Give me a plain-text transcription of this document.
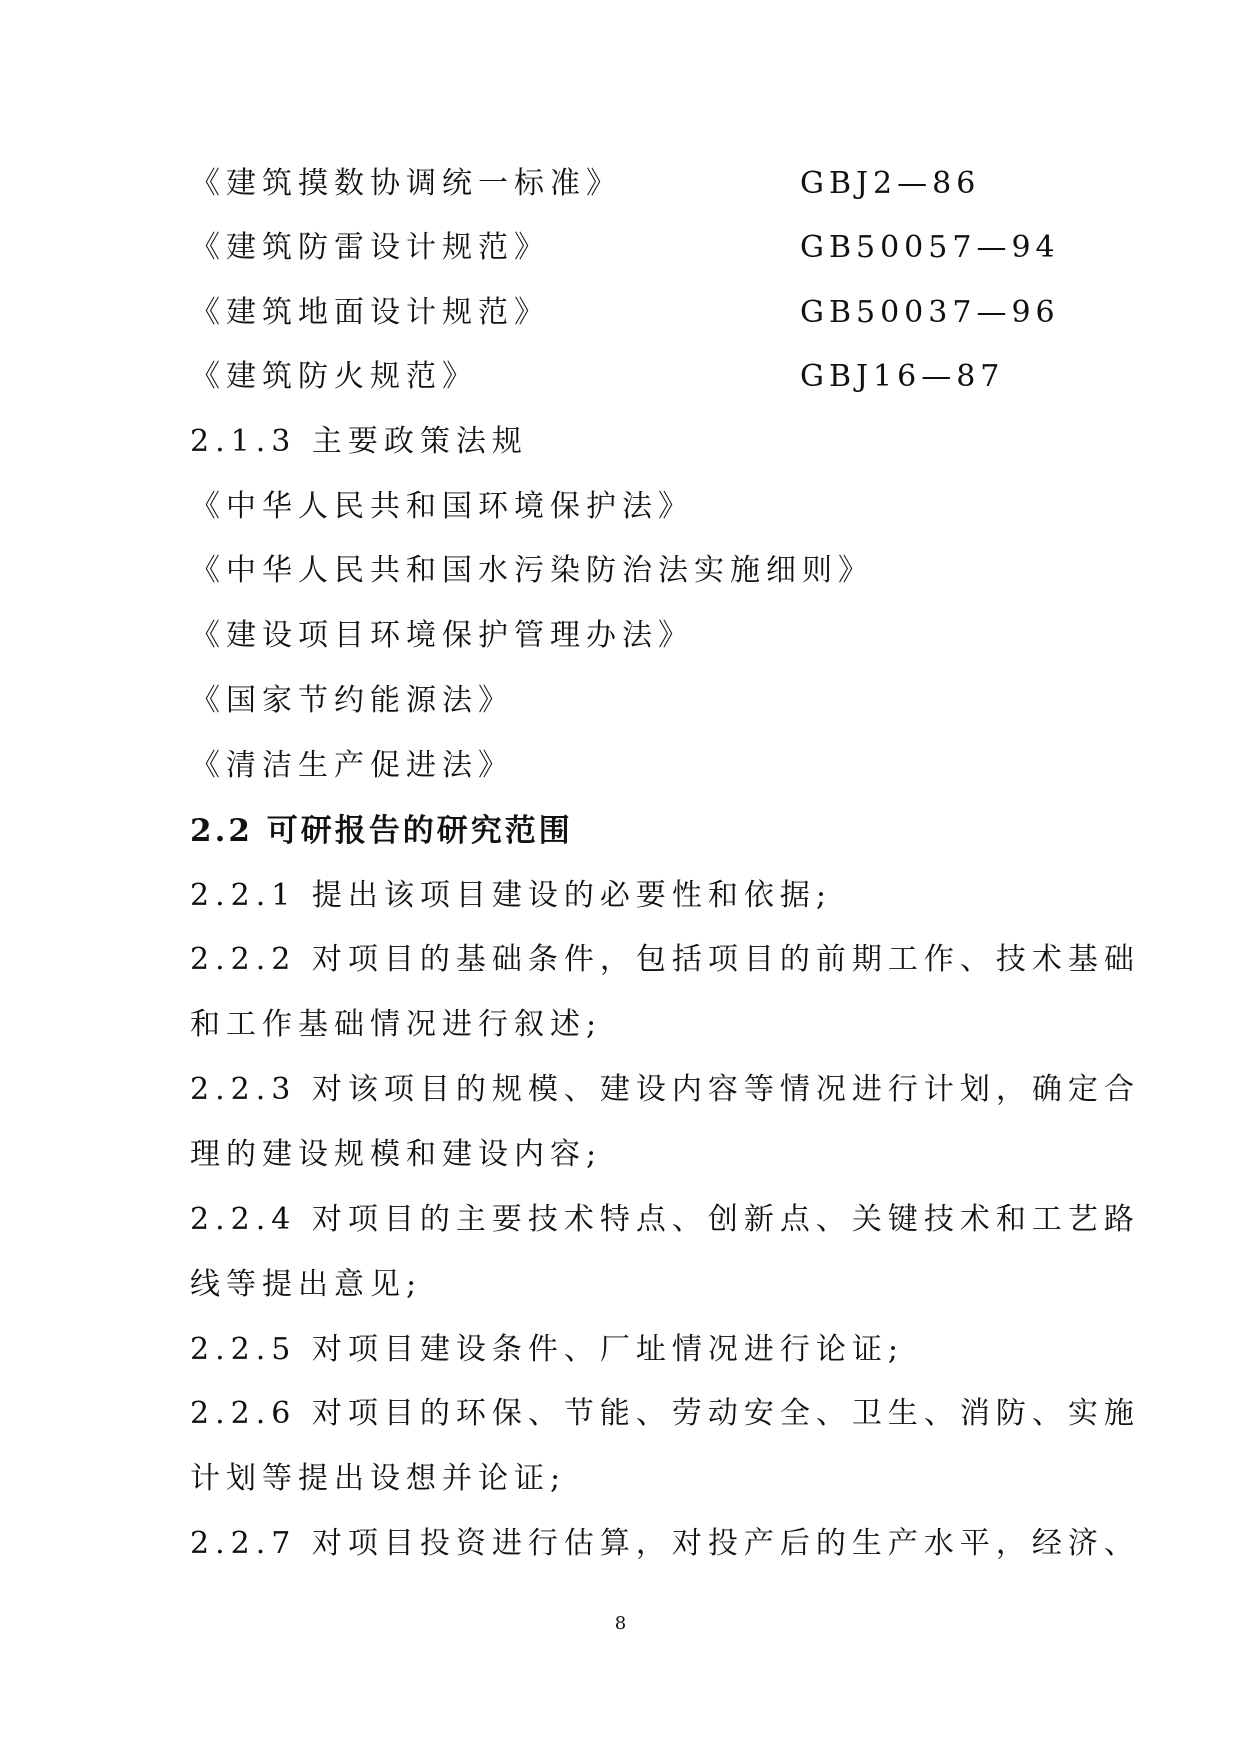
《建筑摸数协调统一标准》	GBJ2—86
《建筑防雷设计规范》	GB50057—94
《建筑地面设计规范》	GB50037—96
《建筑防火规范》	GBJ16—87
2.1.3 主要政策法规
《中华人民共和国环境保护法》
《中华人民共和国水污染防治法实施细则》
《建设项目环境保护管理办法》
《国家节约能源法》
《清洁生产促进法》
2.2 可研报告的研究范围
2.2.1 提出该项目建设的必要性和依据;
2.2.2 对项目的基础条件，包括项目的前期工作、技术基础
和工作基础情况进行叙述;
2.2.3 对该项目的规模、建设内容等情况进行计划，确定合
理的建设规模和建设内容;
2.2.4 对项目的主要技术特点、创新点、关键技术和工艺路
线等提出意见;
2.2.5 对项目建设条件、厂址情况进行论证;
2.2.6 对项目的环保、节能、劳动安全、卫生、消防、实施
计划等提出设想并论证;
2.2.7 对项目投资进行估算，对投产后的生产水平，经济、
8
